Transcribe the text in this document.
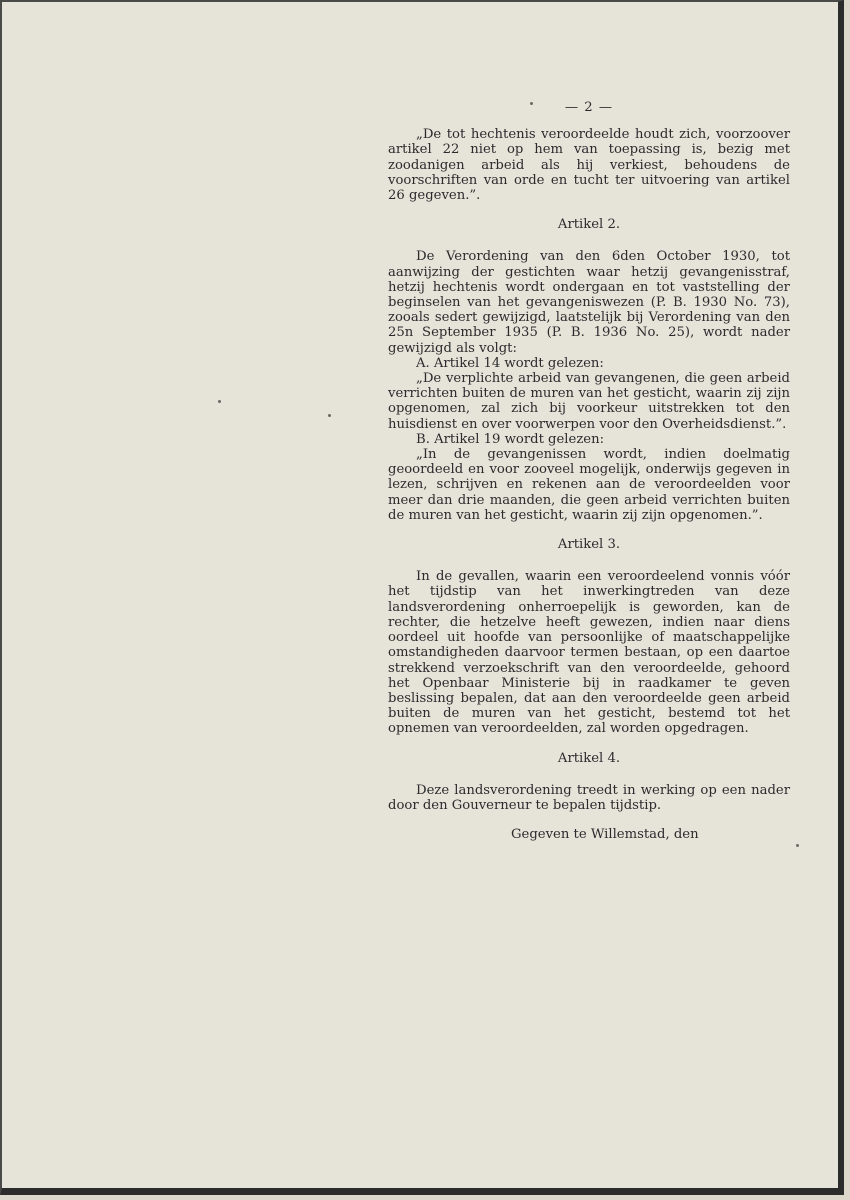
— 2 —

„De tot hechtenis veroordeelde houdt zich, voorzoover artikel 22 niet op hem van toepassing is, bezig met zoodanigen arbeid als hij verkiest, behoudens de voorschriften van orde en tucht ter uitvoering van artikel 26 gegeven.”.

Artikel 2.

De Verordening van den 6den October 1930, tot aanwijzing der gestichten waar hetzij gevangenisstraf, hetzij hechtenis wordt ondergaan en tot vaststelling der beginselen van het gevangeniswezen (P. B. 1930 No. 73), zooals sedert gewijzigd, laatstelijk bij Verordening van den 25n September 1935 (P. B. 1936 No. 25), wordt nader gewijzigd als volgt:

A. Artikel 14 wordt gelezen:

„De verplichte arbeid van gevangenen, die geen arbeid verrichten buiten de muren van het gesticht, waarin zij zijn opgenomen, zal zich bij voorkeur uitstrekken tot den huisdienst en over voorwerpen voor den Overheidsdienst.”.

B. Artikel 19 wordt gelezen:

„In de gevangenissen wordt, indien doelmatig geoordeeld en voor zooveel mogelijk, onderwijs gegeven in lezen, schrijven en rekenen aan de veroordeelden voor meer dan drie maanden, die geen arbeid verrichten buiten de muren van het gesticht, waarin zij zijn opgenomen.”.

Artikel 3.

In de gevallen, waarin een veroordeelend vonnis vóór het tijdstip van het inwerkingtreden van deze landsverordening onherroepelijk is geworden, kan de rechter, die hetzelve heeft gewezen, indien naar diens oordeel uit hoofde van persoonlijke of maatschappelijke omstandigheden daarvoor termen bestaan, op een daartoe strekkend verzoekschrift van den veroordeelde, gehoord het Openbaar Ministerie bij in raadkamer te geven beslissing bepalen, dat aan den veroordeelde geen arbeid buiten de muren van het gesticht, bestemd tot het opnemen van veroordeelden, zal worden opgedragen.

Artikel 4.

Deze landsverordening treedt in werking op een nader door den Gouverneur te bepalen tijdstip.

Gegeven te Willemstad, den
